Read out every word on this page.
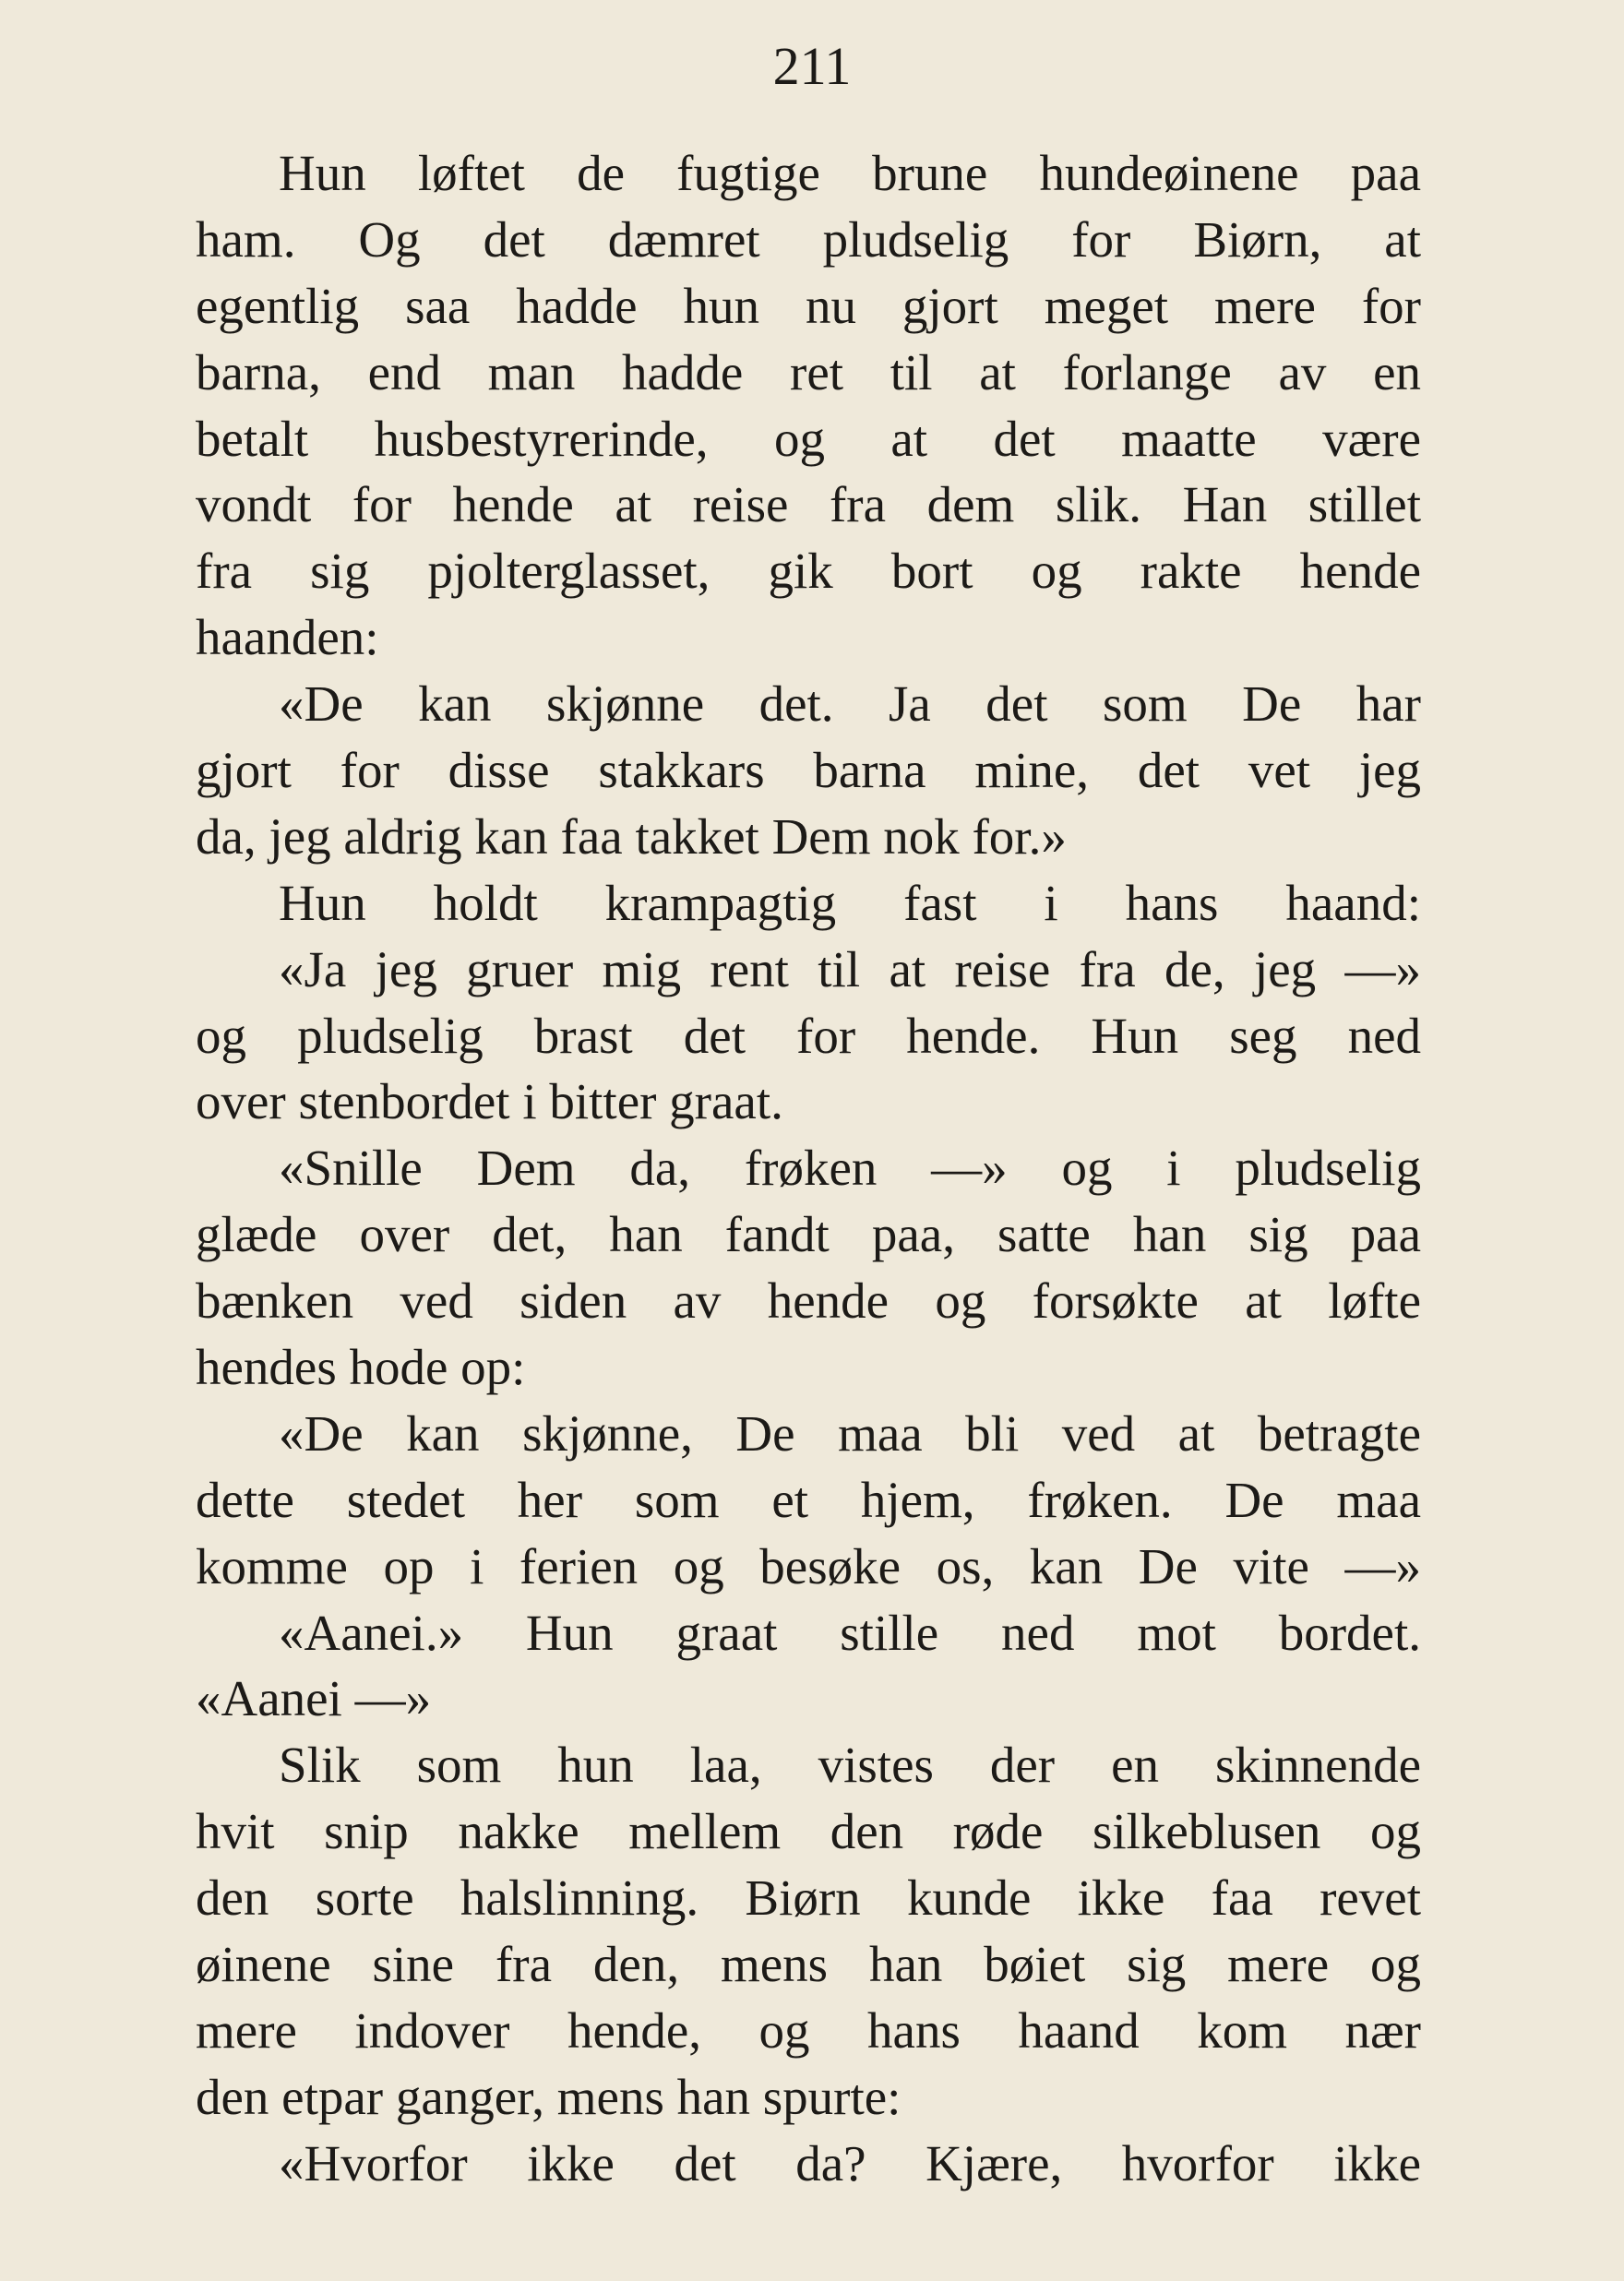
211
Hun løftet de fugtige brune hundeøinene paa
ham. Og det dæmret pludselig for Biørn, at
egentlig saa hadde hun nu gjort meget mere for
barna, end man hadde ret til at forlange av en
betalt husbestyrerinde, og at det maatte være
vondt for hende at reise fra dem slik. Han stillet
fra sig pjolterglasset, gik bort og rakte hende
haanden:
«De kan skjønne det. Ja det som De har
gjort for disse stakkars barna mine, det vet jeg
da, jeg aldrig kan faa takket Dem nok for.»
Hun holdt krampagtig fast i hans haand:
«Ja jeg gruer mig rent til at reise fra de, jeg —»
og pludselig brast det for hende. Hun seg ned
over stenbordet i bitter graat.
«Snille Dem da, frøken —» og i pludselig
glæde over det, han fandt paa, satte han sig paa
bænken ved siden av hende og forsøkte at løfte
hendes hode op:
«De kan skjønne, De maa bli ved at betragte
dette stedet her som et hjem, frøken. De maa
komme op i ferien og besøke os, kan De vite —»
«Aanei.» Hun graat stille ned mot bordet.
«Aanei —»
Slik som hun laa, vistes der en skinnende
hvit snip nakke mellem den røde silkeblusen og
den sorte halslinning. Biørn kunde ikke faa revet
øinene sine fra den, mens han bøiet sig mere og
mere indover hende, og hans haand kom nær
den etpar ganger, mens han spurte:
«Hvorfor ikke det da? Kjære, hvorfor ikke
